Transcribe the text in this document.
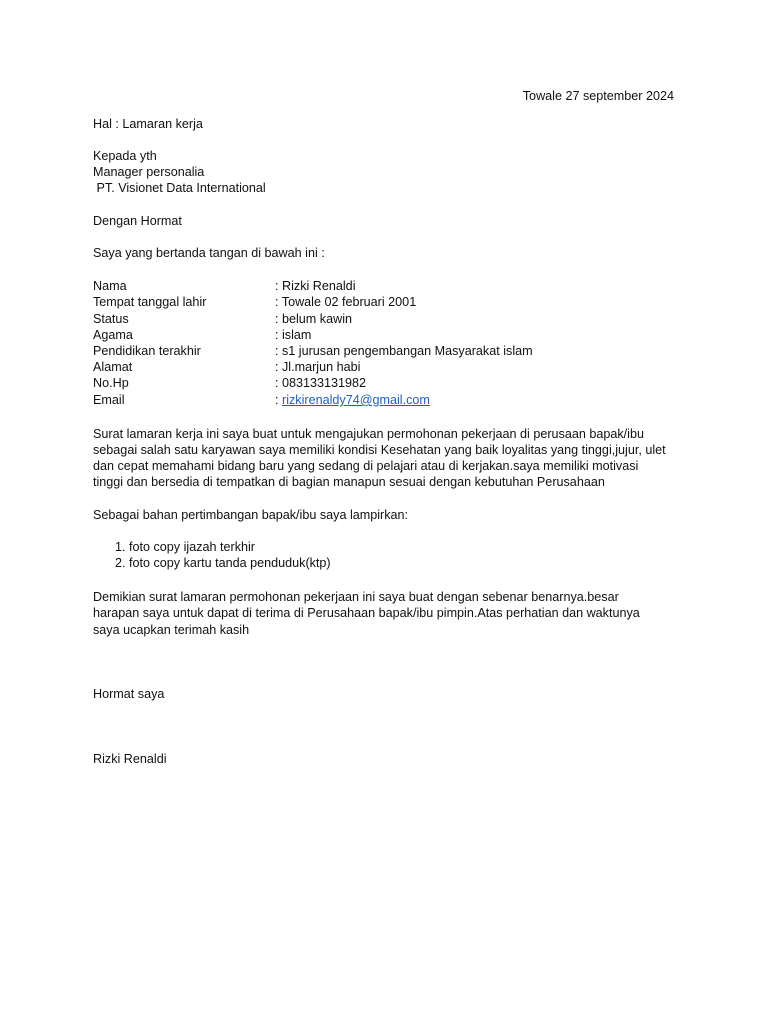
Towale 27 september 2024
Hal : Lamaran kerja
Kepada yth
Manager personalia
PT. Visionet Data International
Dengan Hormat
Saya yang bertanda tangan di bawah ini :
Nama	: Rizki Renaldi
Tempat tanggal lahir	: Towale 02 februari 2001
Status	: belum kawin
Agama	: islam
Pendidikan terakhir	: s1 jurusan pengembangan Masyarakat islam
Alamat	: Jl.marjun habi
No.Hp	: 083133131982
Email	: rizkirenaldy74@gmail.com
Surat lamaran kerja ini saya buat untuk mengajukan permohonan pekerjaan di perusaan bapak/ibu
sebagai salah satu karyawan saya memiliki kondisi Kesehatan yang baik loyalitas yang tinggi,jujur, ulet
dan cepat memahami bidang baru yang sedang di pelajari atau di kerjakan.saya memiliki motivasi
tinggi dan bersedia di tempatkan di bagian manapun sesuai dengan kebutuhan Perusahaan
Sebagai bahan pertimbangan bapak/ibu saya lampirkan:
1. foto copy ijazah terkhir
2. foto copy kartu tanda penduduk(ktp)
Demikian surat lamaran permohonan pekerjaan ini saya buat dengan sebenar benarnya.besar
harapan saya untuk dapat di terima di Perusahaan bapak/ibu pimpin.Atas perhatian dan waktunya
saya ucapkan terimah kasih
Hormat saya
Rizki Renaldi
